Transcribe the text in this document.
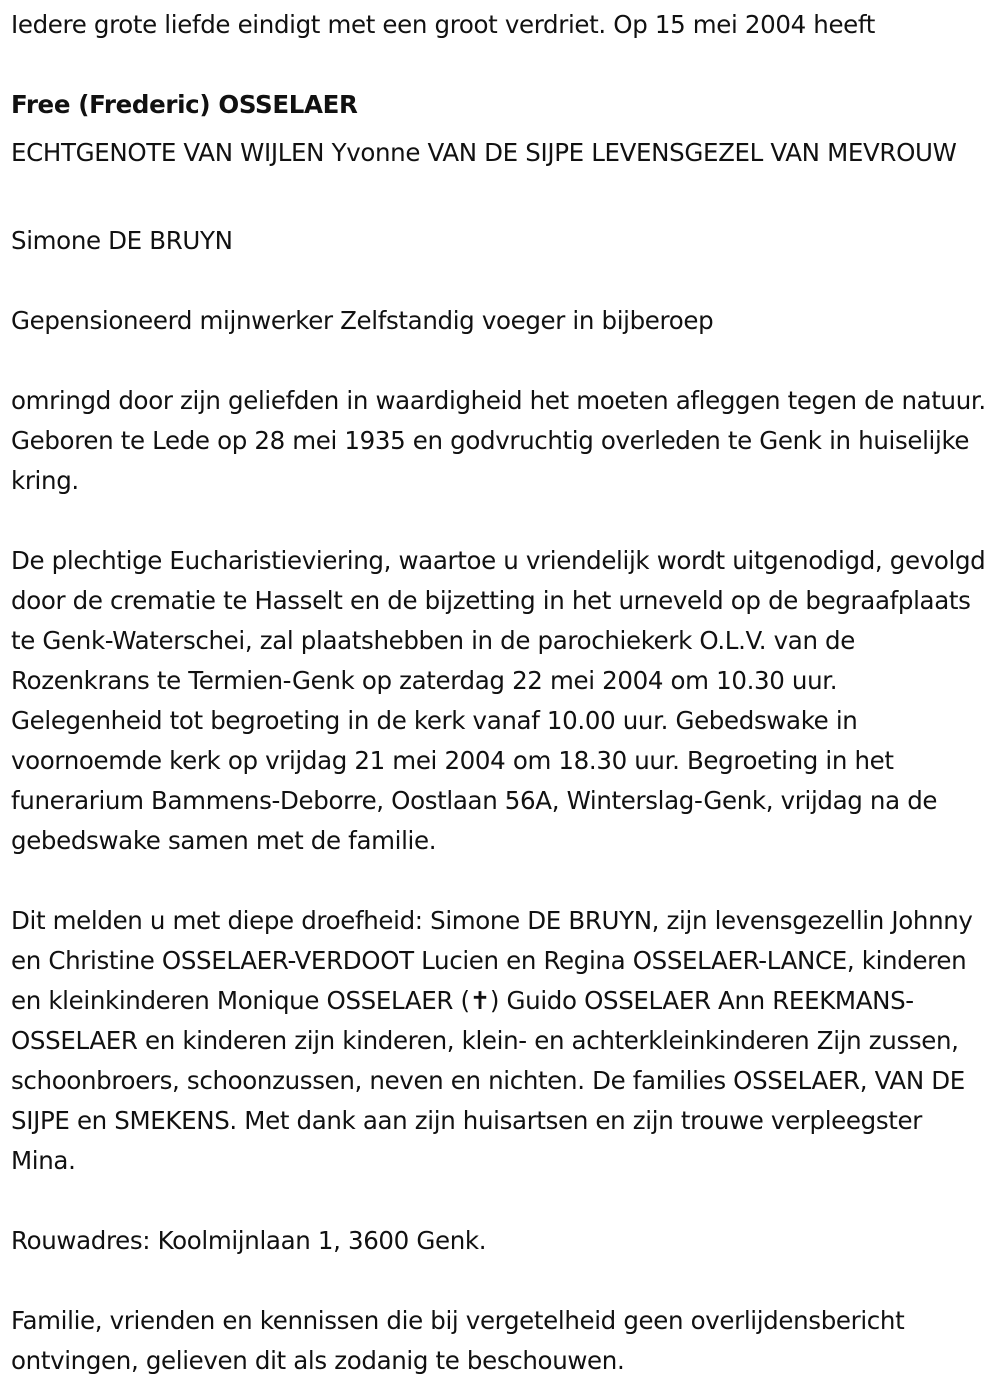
Iedere grote liefde eindigt met een groot verdriet. Op 15 mei 2004 heeft

Free (Frederic) OSSELAER

ECHTGENOTE VAN WIJLEN Yvonne VAN DE SIJPE LEVENSGEZEL VAN MEVROUW

Simone DE BRUYN

Gepensioneerd mijnwerker Zelfstandig voeger in bijberoep

omringd door zijn geliefden in waardigheid het moeten afleggen tegen de natuur. Geboren te Lede op 28 mei 1935 en godvruchtig overleden te Genk in huiselijke kring.

De plechtige Eucharistieviering, waartoe u vriendelijk wordt uitgenodigd, gevolgd door de crematie te Hasselt en de bijzetting in het urneveld op de begraafplaats te Genk-Waterschei, zal plaatshebben in de parochiekerk O.L.V. van de Rozenkrans te Termien-Genk op zaterdag 22 mei 2004 om 10.30 uur. Gelegenheid tot begroeting in de kerk vanaf 10.00 uur. Gebedswake in voornoemde kerk op vrijdag 21 mei 2004 om 18.30 uur. Begroeting in het funerarium Bammens-Deborre, Oostlaan 56A, Winterslag-Genk, vrijdag na de gebedswake samen met de familie.

Dit melden u met diepe droefheid: Simone DE BRUYN, zijn levensgezellin Johnny en Christine OSSELAER-VERDOOT Lucien en Regina OSSELAER-LANCE, kinderen en kleinkinderen Monique OSSELAER (✝) Guido OSSELAER Ann REEKMANS-OSSELAER en kinderen zijn kinderen, klein- en achterkleinkinderen Zijn zussen, schoonbroers, schoonzussen, neven en nichten. De families OSSELAER, VAN DE SIJPE en SMEKENS. Met dank aan zijn huisartsen en zijn trouwe verpleegster Mina.

Rouwadres: Koolmijnlaan 1, 3600 Genk.

Familie, vrienden en kennissen die bij vergetelheid geen overlijdensbericht ontvingen, gelieven dit als zodanig te beschouwen.
